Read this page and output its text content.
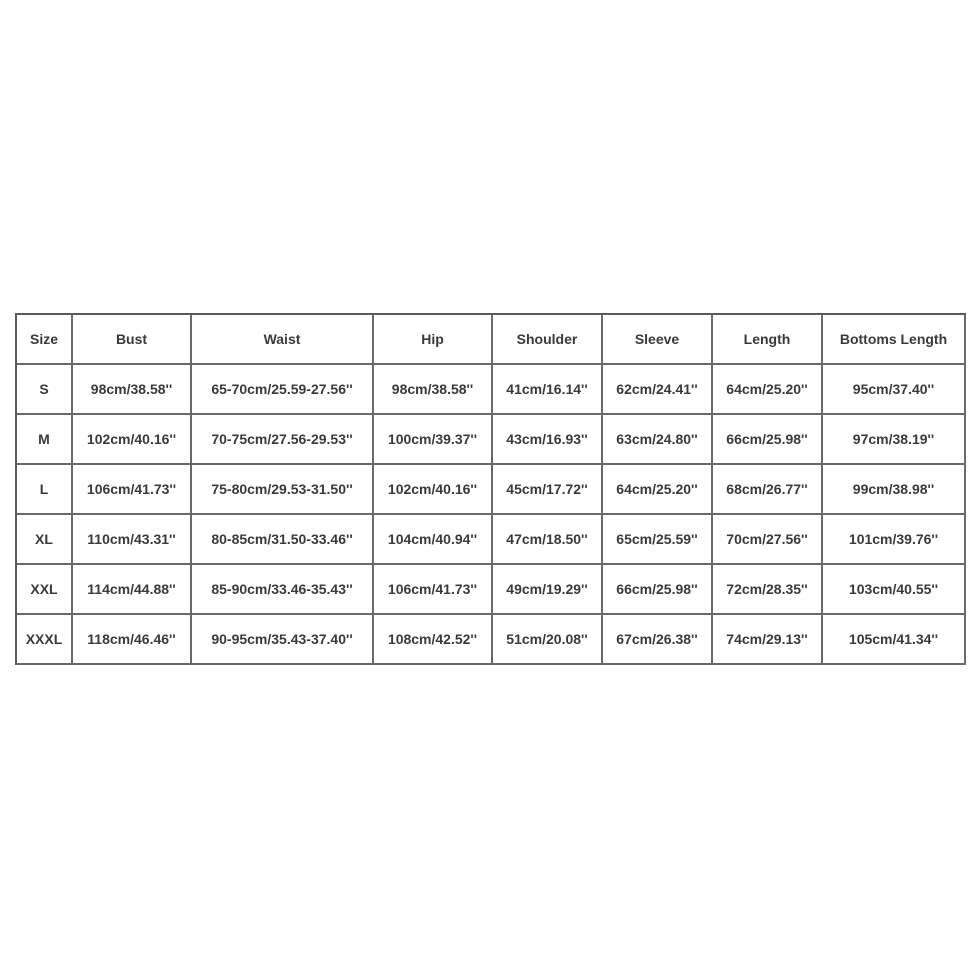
Size	Bust	Waist	Hip	Shoulder	Sleeve	Length	Bottoms Length
S	98cm/38.58''	65-70cm/25.59-27.56''	98cm/38.58''	41cm/16.14''	62cm/24.41''	64cm/25.20''	95cm/37.40''
M	102cm/40.16''	70-75cm/27.56-29.53''	100cm/39.37''	43cm/16.93''	63cm/24.80''	66cm/25.98''	97cm/38.19''
L	106cm/41.73''	75-80cm/29.53-31.50''	102cm/40.16''	45cm/17.72''	64cm/25.20''	68cm/26.77''	99cm/38.98''
XL	110cm/43.31''	80-85cm/31.50-33.46''	104cm/40.94''	47cm/18.50''	65cm/25.59''	70cm/27.56''	101cm/39.76''
XXL	114cm/44.88''	85-90cm/33.46-35.43''	106cm/41.73''	49cm/19.29''	66cm/25.98''	72cm/28.35''	103cm/40.55''
XXXL	118cm/46.46''	90-95cm/35.43-37.40''	108cm/42.52''	51cm/20.08''	67cm/26.38''	74cm/29.13''	105cm/41.34''
